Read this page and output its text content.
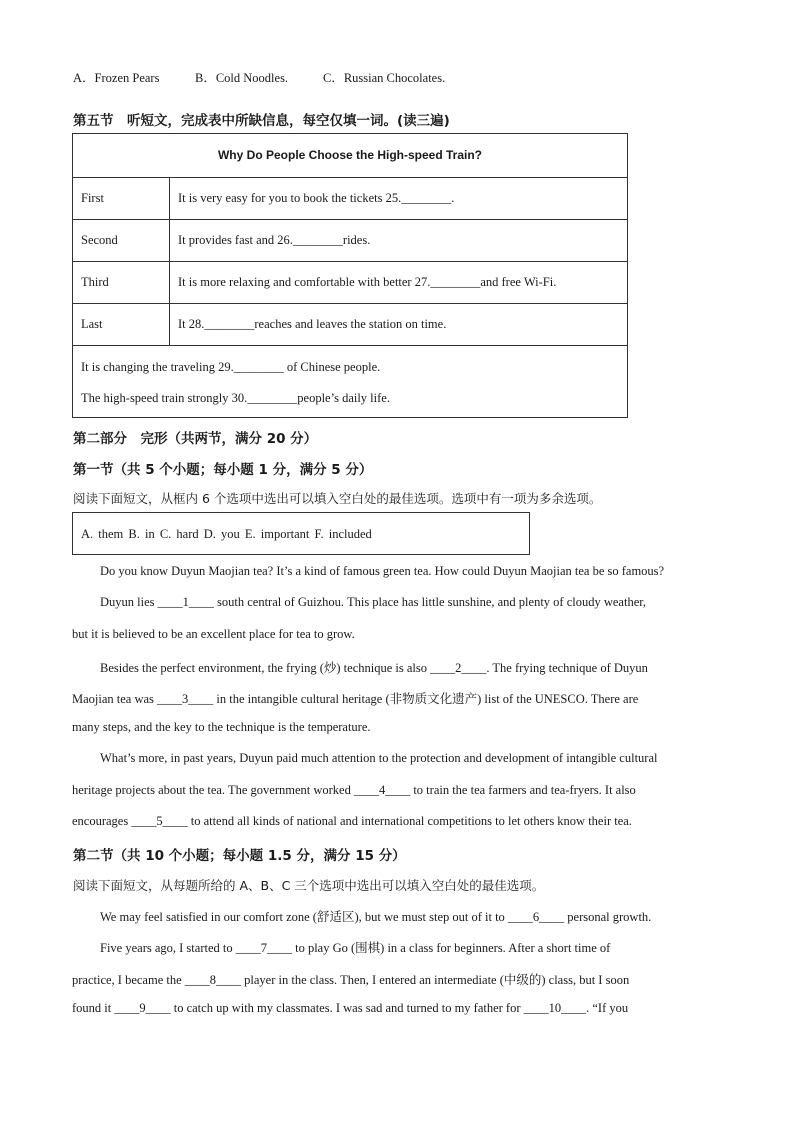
A．Frozen Pears	B．Cold Noodles.	C．Russian Chocolates.
第五节　听短文，完成表中所缺信息，每空仅填一词。(读三遍)
Why Do People Choose the High-speed Train?
First	It is very easy for you to book the tickets 25.________.
Second	It provides fast and 26.________rides.
Third	It is more relaxing and comfortable with better 27.________and free Wi-Fi.
Last	It 28.________reaches and leaves the station on time.
It is changing the traveling 29.________ of Chinese people.
The high-speed train strongly 30.________people’s daily life.
第二部分　完形（共两节，满分 20 分）
第一节（共 5 个小题；每小题 1 分，满分 5 分）
阅读下面短文，从框内 6 个选项中选出可以填入空白处的最佳选项。选项中有一项为多余选项。
A. them B. in C. hard D. you E. important F. included
Do you know Duyun Maojian tea? It’s a kind of famous green tea. How could Duyun Maojian tea be so famous?
Duyun lies ____1____ south central of Guizhou. This place has little sunshine, and plenty of cloudy weather,
but it is believed to be an excellent place for tea to grow.
Besides the perfect environment, the frying (炒) technique is also ____2____. The frying technique of Duyun
Maojian tea was ____3____ in the intangible cultural heritage (非物质文化遗产) list of the UNESCO. There are
many steps, and the key to the technique is the temperature.
What’s more, in past years, Duyun paid much attention to the protection and development of intangible cultural
heritage projects about the tea. The government worked ____4____ to train the tea farmers and tea-fryers. It also
encourages ____5____ to attend all kinds of national and international competitions to let others know their tea.
第二节（共 10 个小题；每小题 1.5 分，满分 15 分）
阅读下面短文，从每题所给的 A、B、C 三个选项中选出可以填入空白处的最佳选项。
We may feel satisfied in our comfort zone (舒适区), but we must step out of it to ____6____ personal growth.
Five years ago, I started to ____7____ to play Go (围棋) in a class for beginners. After a short time of
practice, I became the ____8____ player in the class. Then, I entered an intermediate (中级的) class, but I soon
found it ____9____ to catch up with my classmates. I was sad and turned to my father for ____10____. “If you
